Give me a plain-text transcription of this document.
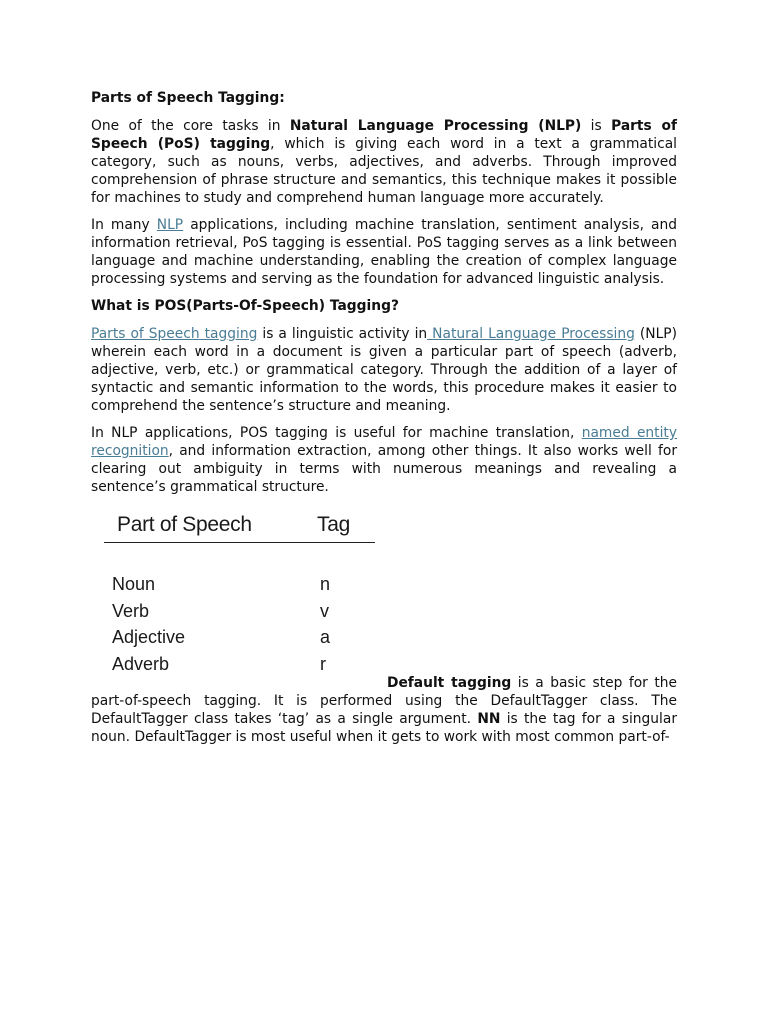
Parts of Speech Tagging:

One of the core tasks in Natural Language Processing (NLP) is Parts of Speech (PoS) tagging, which is giving each word in a text a grammatical category, such as nouns, verbs, adjectives, and adverbs. Through improved comprehension of phrase structure and semantics, this technique makes it possible for machines to study and comprehend human language more accurately.

In many NLP applications, including machine translation, sentiment analysis, and information retrieval, PoS tagging is essential. PoS tagging serves as a link between language and machine understanding, enabling the creation of complex language processing systems and serving as the foundation for advanced linguistic analysis.

What is POS(Parts-Of-Speech) Tagging?

Parts of Speech tagging is a linguistic activity in Natural Language Processing (NLP) wherein each word in a document is given a particular part of speech (adverb, adjective, verb, etc.) or grammatical category. Through the addition of a layer of syntactic and semantic information to the words, this procedure makes it easier to comprehend the sentence’s structure and meaning.

In NLP applications, POS tagging is useful for machine translation, named entity recognition, and information extraction, among other things. It also works well for clearing out ambiguity in terms with numerous meanings and revealing a sentence’s grammatical structure.

Part of Speech	Tag
Noun	n
Verb	v
Adjective	a
Adverb	r

Default tagging is a basic step for the part-of-speech tagging. It is performed using the DefaultTagger class. The DefaultTagger class takes ‘tag’ as a single argument. NN is the tag for a singular noun. DefaultTagger is most useful when it gets to work with most common part-of-
